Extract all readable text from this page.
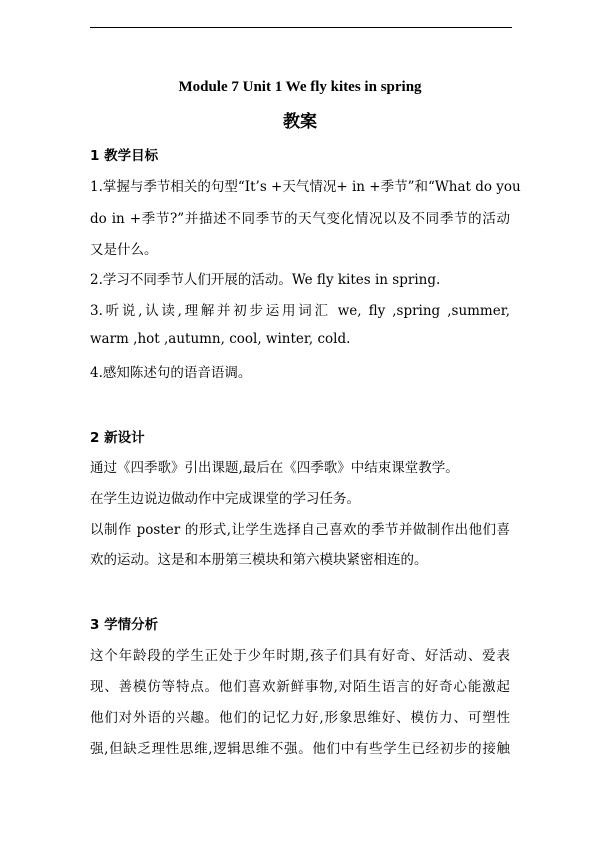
Module 7 Unit 1 We fly kites in spring
教案
1 教学目标
1.掌握与季节相关的句型“It’s +天气情况+ in +季节”和“What do you
do in +季节?”并描述不同季节的天气变化情况以及不同季节的活动
又是什么。
2.学习不同季节人们开展的活动。We fly kites in spring.
3.听说,认读,理解并初步运用词汇 we, fly ,spring ,summer,
warm ,hot ,autumn, cool, winter, cold.
4.感知陈述句的语音语调。
2 新设计
通过《四季歌》引出课题,最后在《四季歌》中结束课堂教学。
在学生边说边做动作中完成课堂的学习任务。
以制作 poster 的形式,让学生选择自己喜欢的季节并做制作出他们喜
欢的运动。这是和本册第三模块和第六模块紧密相连的。
3 学情分析
这个年龄段的学生正处于少年时期,孩子们具有好奇、好活动、爱表
现、善模仿等特点。他们喜欢新鲜事物,对陌生语言的好奇心能激起
他们对外语的兴趣。他们的记忆力好,形象思维好、模仿力、可塑性
强,但缺乏理性思维,逻辑思维不强。他们中有些学生已经初步的接触
